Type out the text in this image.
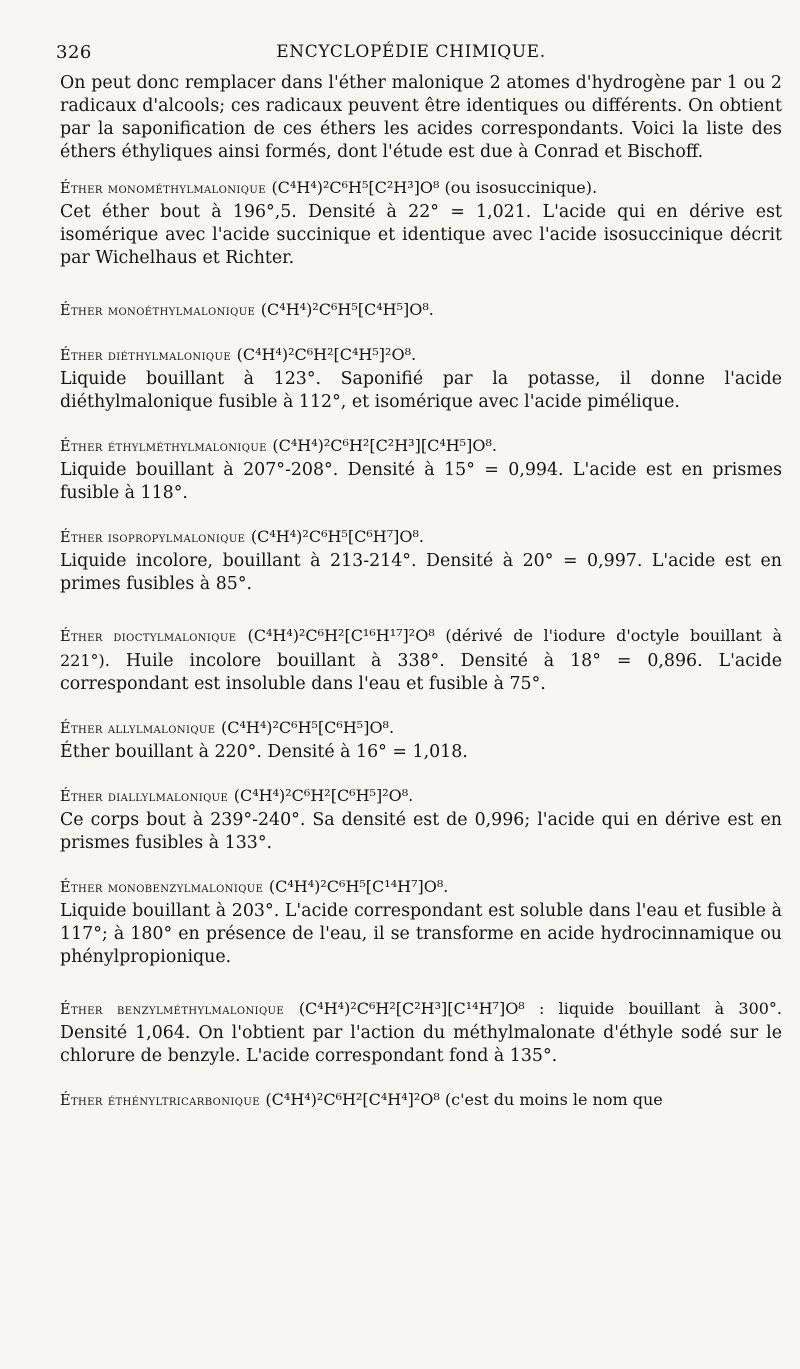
326	ENCYCLOPÉDIE CHIMIQUE.

On peut donc remplacer dans l'éther malonique 2 atomes d'hydrogène par 1 ou 2 radicaux d'alcools; ces radicaux peuvent être identiques ou différents. On obtient par la saponification de ces éthers les acides correspondants. Voici la liste des éthers éthyliques ainsi formés, dont l'étude est due à Conrad et Bischoff.

Éther monométhylmalonique (C⁴H⁴)²C⁶H⁵[C²H³]O⁸ (ou isosuccinique).
Cet éther bout à 196°,5. Densité à 22° = 1,021. L'acide qui en dérive est isomérique avec l'acide succinique et identique avec l'acide isosuccinique décrit par Wichelhaus et Richter.
Éther monoéthylmalonique (C⁴H⁴)²C⁶H⁵[C⁴H⁵]O⁸.
Éther diéthylmalonique (C⁴H⁴)²C⁶H²[C⁴H⁵]²O⁸.
Liquide bouillant à 123°. Saponifié par la potasse, il donne l'acide diéthylmalonique fusible à 112°, et isomérique avec l'acide pimélique.
Éther éthylméthylmalonique (C⁴H⁴)²C⁶H²[C²H³][C⁴H⁵]O⁸.
Liquide bouillant à 207°-208°. Densité à 15° = 0,994. L'acide est en prismes fusible à 118°.
Éther isopropylmalonique (C⁴H⁴)²C⁶H⁵[C⁶H⁷]O⁸.
Liquide incolore, bouillant à 213-214°. Densité à 20° = 0,997. L'acide est en primes fusibles à 85°.
Éther dioctylmalonique (C⁴H⁴)²C⁶H²[C¹⁶H¹⁷]²O⁸ (dérivé de l'iodure d'octyle bouillant à 221°). Huile incolore bouillant à 338°. Densité à 18° = 0,896. L'acide correspondant est insoluble dans l'eau et fusible à 75°.
Éther allylmalonique (C⁴H⁴)²C⁶H⁵[C⁶H⁵]O⁸.
Éther bouillant à 220°. Densité à 16° = 1,018.
Éther diallylmalonique (C⁴H⁴)²C⁶H²[C⁶H⁵]²O⁸.
Ce corps bout à 239°-240°. Sa densité est de 0,996; l'acide qui en dérive est en prismes fusibles à 133°.
Éther monobenzylmalonique (C⁴H⁴)²C⁶H⁵[C¹⁴H⁷]O⁸.
Liquide bouillant à 203°. L'acide correspondant est soluble dans l'eau et fusible à 117°; à 180° en présence de l'eau, il se transforme en acide hydrocinnamique ou phénylpropionique.
Éther benzylméthylmalonique (C⁴H⁴)²C⁶H²[C²H³][C¹⁴H⁷]O⁸ : liquide bouillant à 300°. Densité 1,064. On l'obtient par l'action du méthylmalonate d'éthyle sodé sur le chlorure de benzyle. L'acide correspondant fond à 135°.
Éther éthényltricarbonique (C⁴H⁴)²C⁶H²[C⁴H⁴]²O⁸ (c'est du moins le nom que
